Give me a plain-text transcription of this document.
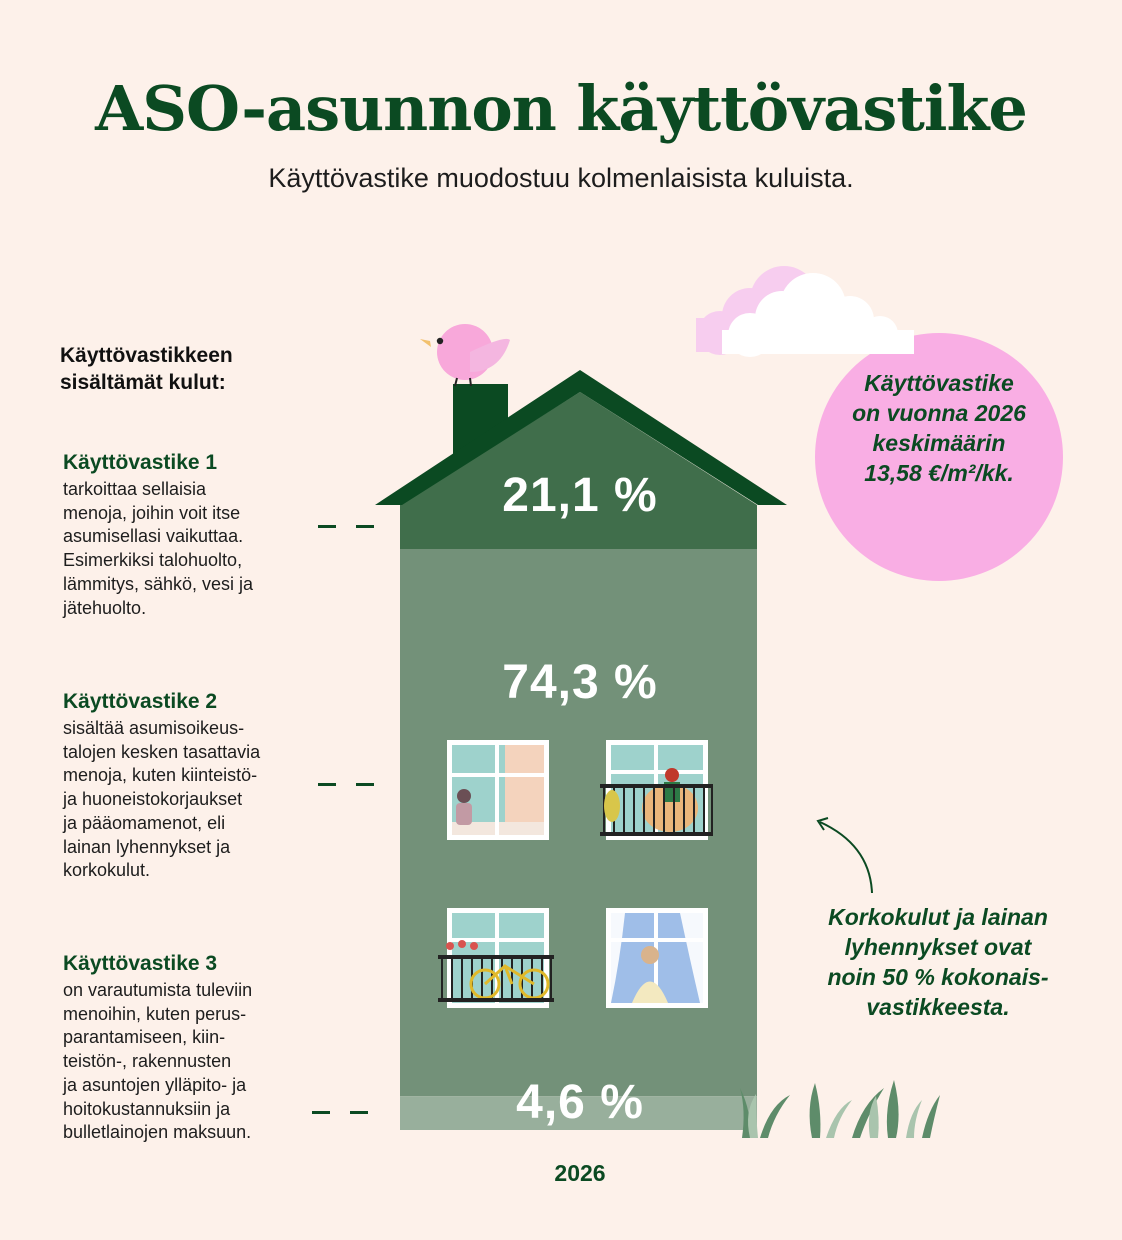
ASO-asunnon käyttövastike
Käyttövastike muodostuu kolmenlaisista kuluista.
Käyttövastikkeen
sisältämät kulut:
Käyttövastike 1

tarkoittaa sellaisia
menoja, joihin voit itse
asumisellasi vaikuttaa.
Esimerkiksi talohuolto,
lämmitys, sähkö, vesi ja
jätehuolto.

Käyttövastike 2

sisältää asumisoikeus-
talojen kesken tasattavia
menoja, kuten kiinteistö-
ja huoneistokorjaukset
ja pääomamenot, eli
lainan lyhennykset ja
korkokulut.

Käyttövastike 3

on varautumista tuleviin
menoihin, kuten perus-
parantamiseen, kiin-
teistön-, rakennusten
ja asuntojen ylläpito- ja
hoitokustannuksiin ja
bulletlainojen maksuun.

Käyttövastike
on vuonna 2026
keskimäärin
13,58 €/m²/kk.
21,1 %
74,3 %
4,6 %
2026
Korkokulut ja lainan
lyhennykset ovat
noin 50 % kokonais-
vastikkeesta.
